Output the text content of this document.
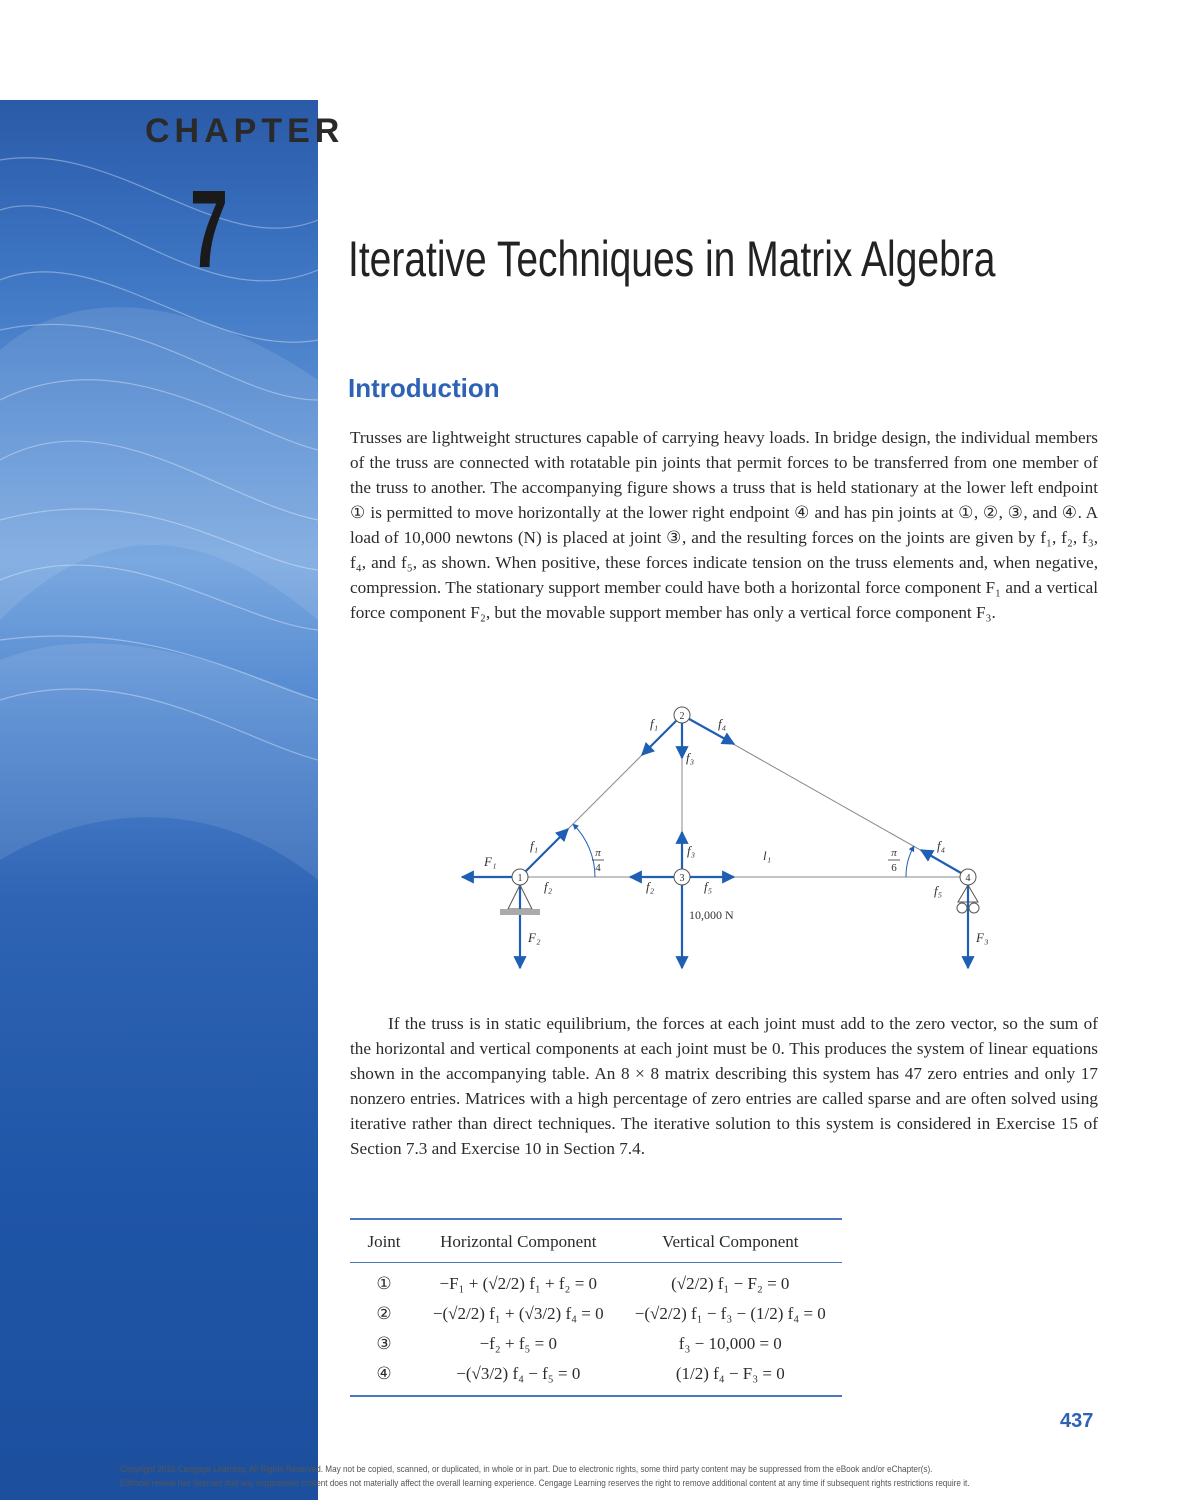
CHAPTER
7 Iterative Techniques in Matrix Algebra
Introduction
Trusses are lightweight structures capable of carrying heavy loads. In bridge design, the individual members of the truss are connected with rotatable pin joints that permit forces to be transferred from one member of the truss to another. The accompanying figure shows a truss that is held stationary at the lower left endpoint ① is permitted to move horizontally at the lower right endpoint ④ and has pin joints at ①, ②, ③, and ④. A load of 10,000 newtons (N) is placed at joint ③, and the resulting forces on the joints are given by f₁, f₂, f₃, f₄, and f₅, as shown. When positive, these forces indicate tension on the truss elements and, when negative, compression. The stationary support member could have both a horizontal force component F₁ and a vertical force component F₂, but the movable support member has only a vertical force component F₃.
1
2
3	4
F₁
f₁
f₂
F₂
f₁	f₄
f₃
f₃
f₂	f₅
l₁
f₄
f₅
F₃
π
4
π
6
10,000 N
If the truss is in static equilibrium, the forces at each joint must add to the zero vector, so the sum of the horizontal and vertical components at each joint must be 0. This produces the system of linear equations shown in the accompanying table. An 8 × 8 matrix describing this system has 47 zero entries and only 17 nonzero entries. Matrices with a high percentage of zero entries are called sparse and are often solved using iterative rather than direct techniques. The iterative solution to this system is considered in Exercise 15 of Section 7.3 and Exercise 10 in Section 7.4.
Joint	Horizontal Component	Vertical Component
①	−F₁ + (√2/2) f₁ + f₂ = 0	(√2/2) f₁ − F₂ = 0
②	−(√2/2) f₁ + (√3/2) f₄ = 0	−(√2/2) f₁ − f₃ − (1/2) f₄ = 0
③	−f₂ + f₅ = 0	f₃ − 10,000 = 0
④	−(√3/2) f₄ − f₅ = 0	(1/2) f₄ − F₃ = 0
437
Copyright 2016 Cengage Learning. All Rights Reserved. May not be copied, scanned, or duplicated, in whole or in part. Due to electronic rights, some third party content may be suppressed from the eBook and/or eChapter(s).
Editorial review has deemed that any suppressed content does not materially affect the overall learning experience. Cengage Learning reserves the right to remove additional content at any time if subsequent rights restrictions require it.
